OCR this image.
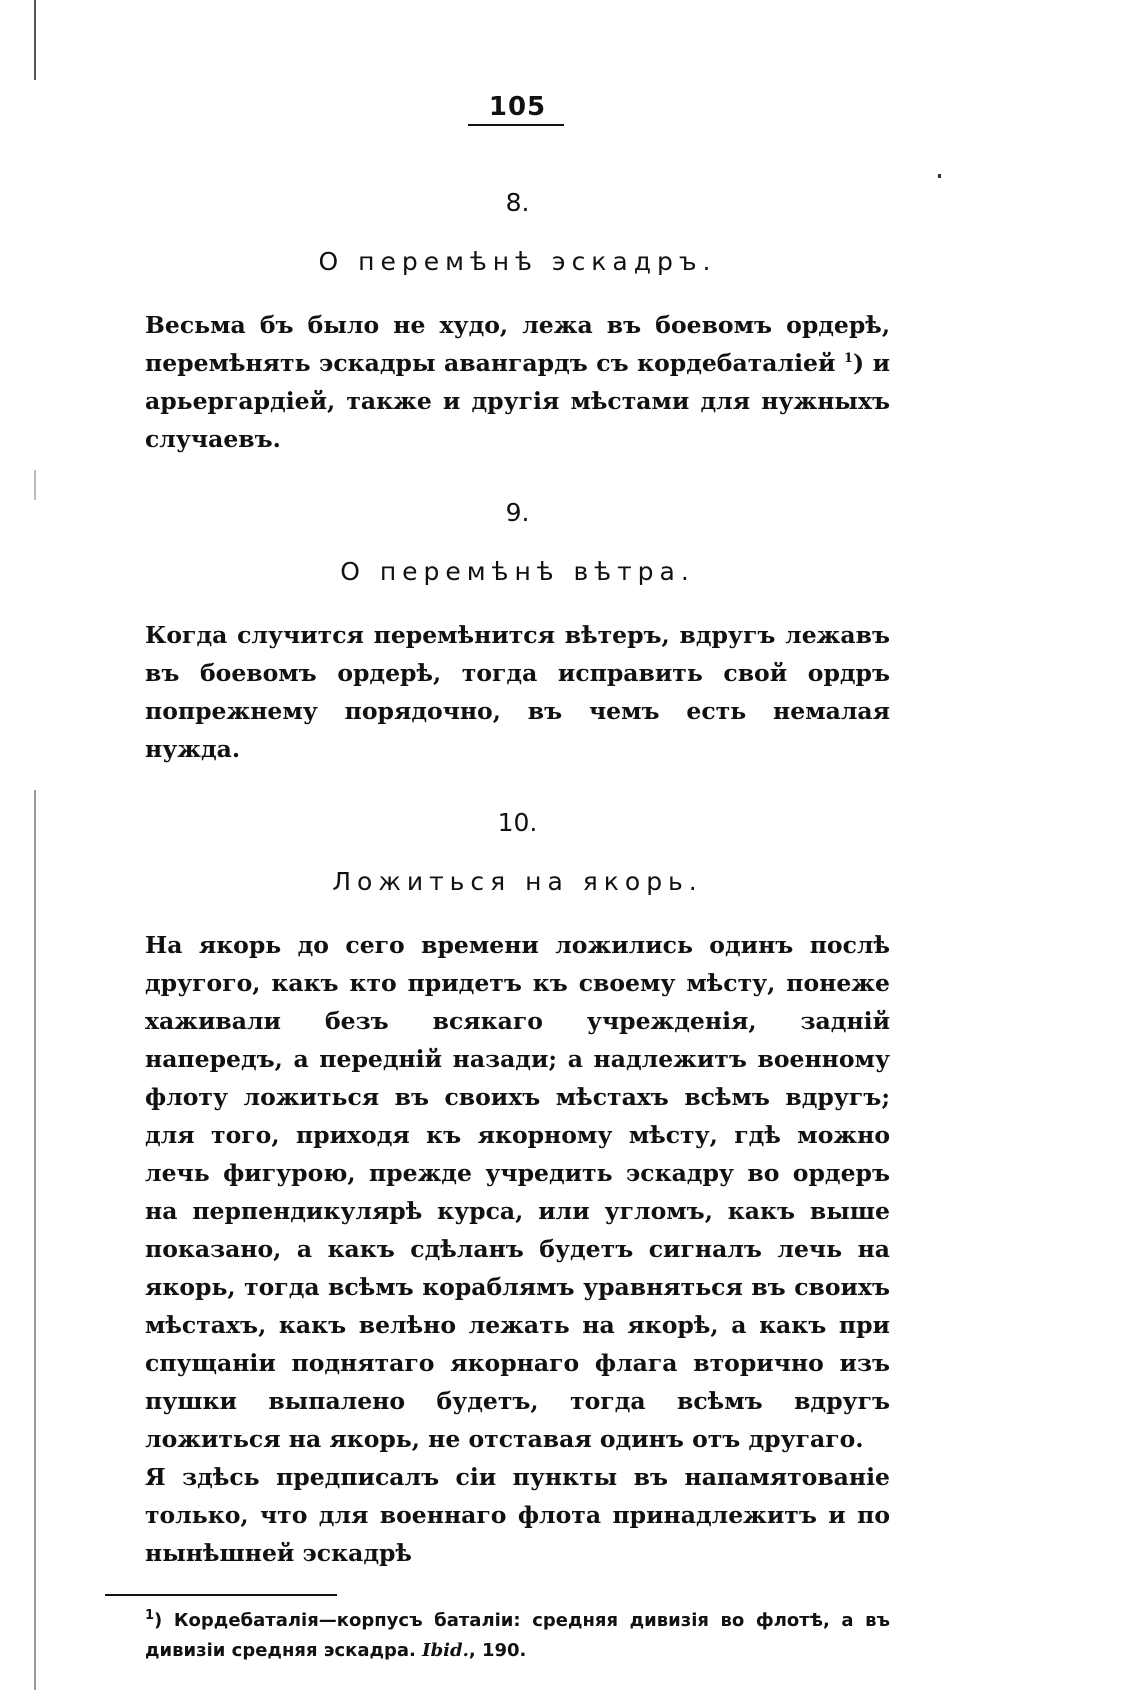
105

8.

О перемѣнѣ эскадръ.

Весьма бъ было не худо, лежа въ боевомъ ордерѣ, перемѣнять эскадры авангардъ съ кордебаталіей $^1$) и арьергардіей, также и другія мѣстами для нужныхъ случаевъ.

9.

О перемѣнѣ вѣтра.

Когда случится перемѣнится вѣтеръ, вдругъ лежавъ въ боевомъ ордерѣ, тогда исправить свой ордръ попрежнему порядочно, въ чемъ есть немалая нужда.

10.

Ложиться на якорь.

На якорь до сего времени ложились одинъ послѣ другого, какъ кто придетъ къ своему мѣсту, понеже хаживали безъ всякаго учрежденія, задній напередъ, а передній назади; а надлежитъ военному флоту ложиться въ своихъ мѣстахъ всѣмъ вдругъ; для того, приходя къ якорному мѣсту, гдѣ можно лечь фигурою, прежде учредить эскадру во ордеръ на перпендикулярѣ курса, или угломъ, какъ выше показано, а какъ сдѣланъ будетъ сигналъ лечь на якорь, тогда всѣмъ кораблямъ уравняться въ своихъ мѣстахъ, какъ велѣно лежать на якорѣ, а какъ при спущаніи поднятаго якорнаго флага вторично изъ пушки выпалено будетъ, тогда всѣмъ вдругъ ложиться на якорь, не отставая одинъ отъ другаго.

Я здѣсь предписалъ сіи пункты въ напамятованіе только, что для военнаго флота принадлежитъ и по нынѣшней эскадрѣ

$^1$) Кордебаталія—корпусъ баталіи: средняя дивизія во флотѣ, а въ дивизіи средняя эскадра. Ibid., 190.
